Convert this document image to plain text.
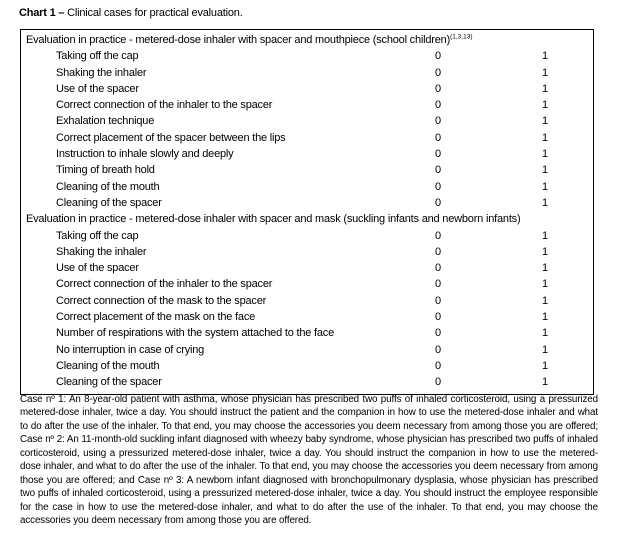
Chart 1 – Clinical cases for practical evaluation.
Evaluation in practice - metered-dose inhaler with spacer and mouthpiece (school children)$^{(1,3,13)}$
Taking off the cap	0	1
Shaking the inhaler	0	1
Use of the spacer	0	1
Correct connection of the inhaler to the spacer	0	1
Exhalation technique	0	1
Correct placement of the spacer between the lips	0	1
Instruction to inhale slowly and deeply	0	1
Timing of breath hold	0	1
Cleaning of the mouth	0	1
Cleaning of the spacer	0	1
Evaluation in practice - metered-dose inhaler with spacer and mask (suckling infants and newborn infants)
Taking off the cap	0	1
Shaking the inhaler	0	1
Use of the spacer	0	1
Correct connection of the inhaler to the spacer	0	1
Correct connection of the mask to the spacer	0	1
Correct placement of the mask on the face	0	1
Number of respirations with the system attached to the face	0	1
No interruption in case of crying	0	1
Cleaning of the mouth	0	1
Cleaning of the spacer	0	1
Case nº 1: An 8-year-old patient with asthma, whose physician has prescribed two puffs of inhaled corticosteroid, using a pressurized metered-dose inhaler, twice a day. You should instruct the patient and the companion in how to use the metered-dose inhaler and what to do after the use of the inhaler. To that end, you may choose the accessories you deem necessary from among those you are offered; Case nº 2: An 11-month-old suckling infant diagnosed with wheezy baby syndrome, whose physician has prescribed two puffs of inhaled corticosteroid, using a pressurized metered-dose inhaler, twice a day. You should instruct the companion in how to use the metered-dose inhaler, and what to do after the use of the inhaler. To that end, you may choose the accessories you deem necessary from among those you are offered; and Case nº 3: A newborn infant diagnosed with bronchopulmonary dysplasia, whose physician has prescribed two puffs of inhaled corticosteroid, using a pressurized metered-dose inhaler, twice a day. You should instruct the employee responsible for the case in how to use the metered-dose inhaler, and what to do after the use of the inhaler. To that end, you may choose the accessories you deem necessary from among those you are offered.
